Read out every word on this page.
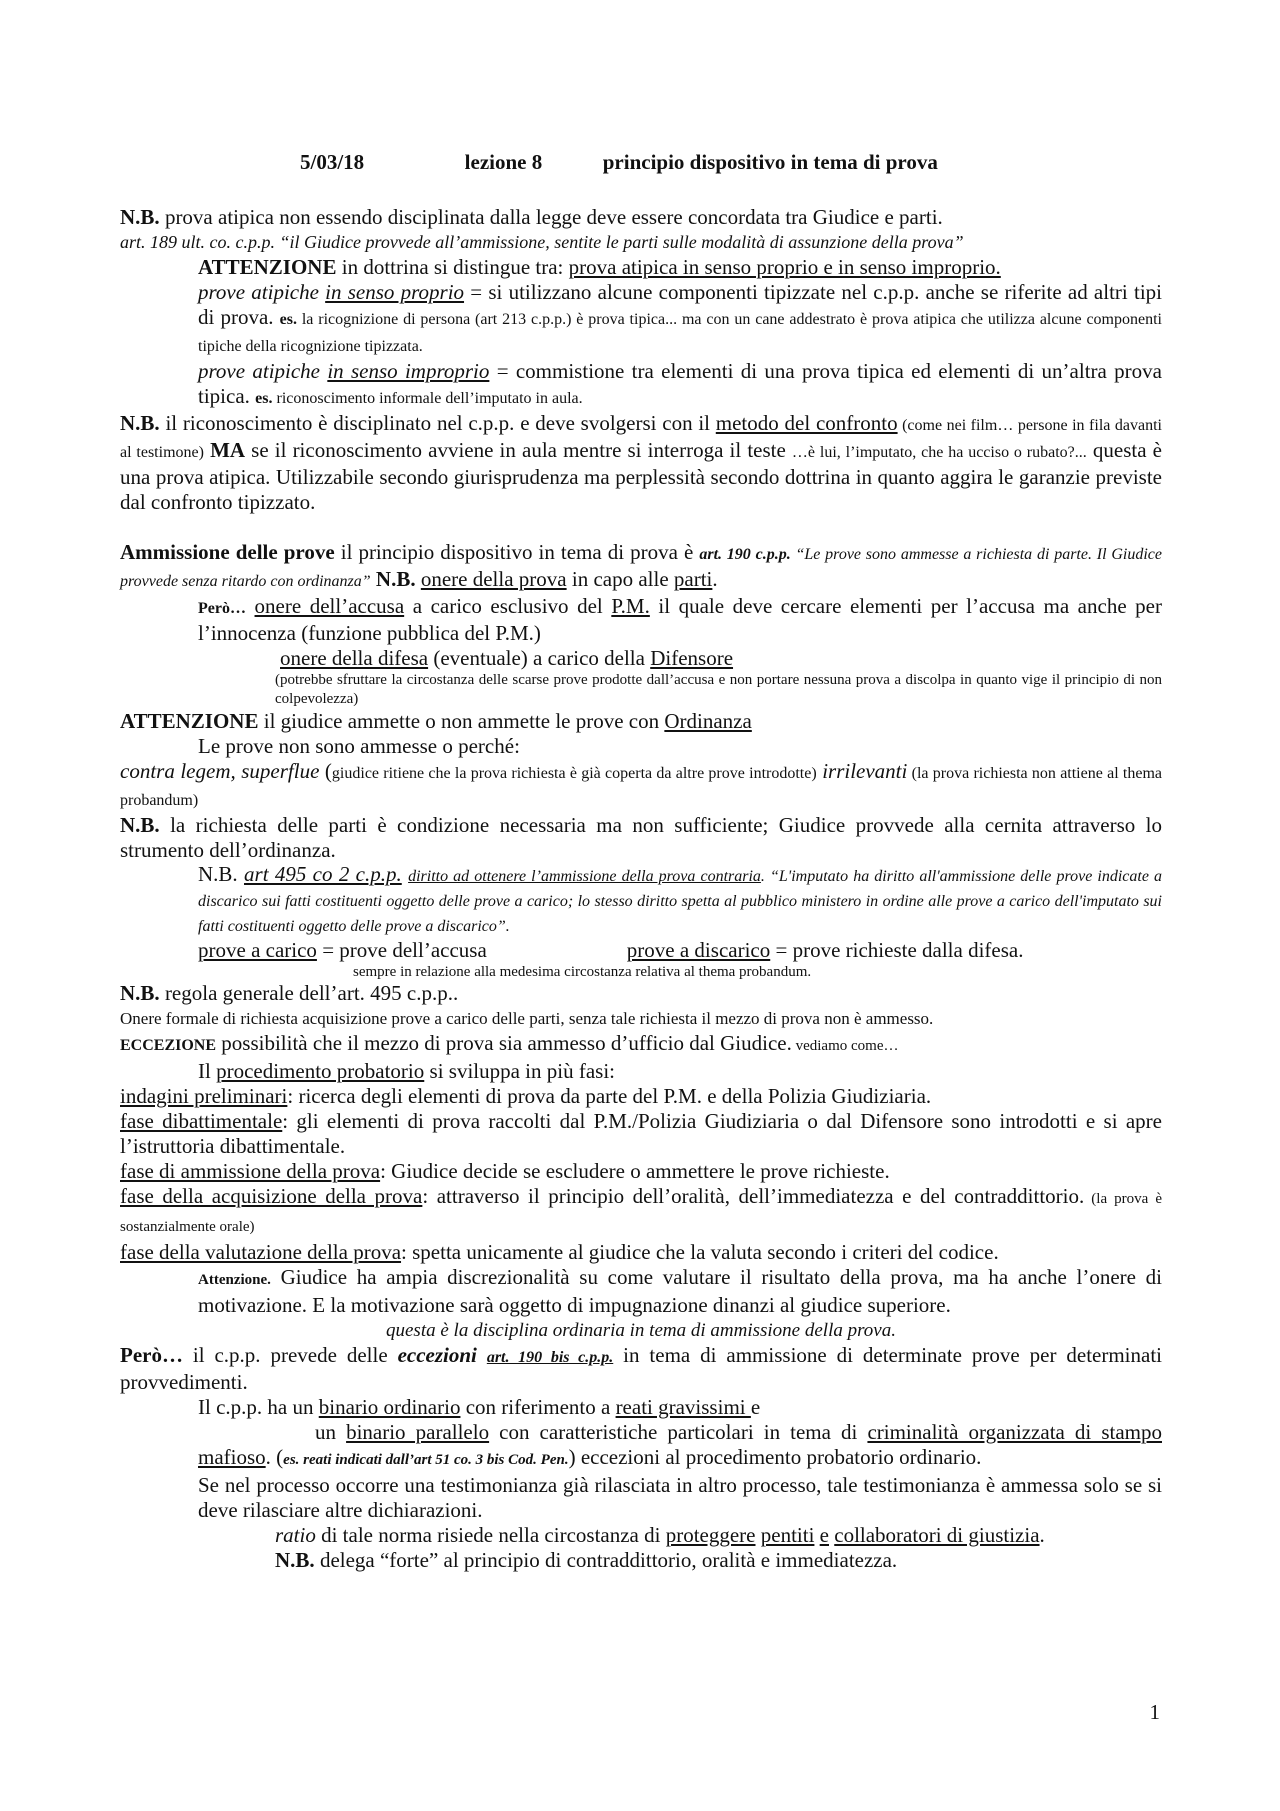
5/03/18	lezione 8	principio dispositivo in tema di prova

N.B. prova atipica non essendo disciplinata dalla legge deve essere concordata tra Giudice e parti.

art. 189 ult. co. c.p.p. “il Giudice provvede all’ammissione, sentite le parti sulle modalità di assunzione della prova”

ATTENZIONE in dottrina si distingue tra: prova atipica in senso proprio e in senso improprio.

prove atipiche in senso proprio = si utilizzano alcune componenti tipizzate nel c.p.p. anche se riferite ad altri tipi di prova. es. la ricognizione di persona (art 213 c.p.p.) è prova tipica... ma con un cane addestrato è prova atipica che utilizza alcune componenti tipiche della ricognizione tipizzata.

prove atipiche in senso improprio = commistione tra elementi di una prova tipica ed elementi di un’altra prova tipica. es. riconoscimento informale dell’imputato in aula.

N.B. il riconoscimento è disciplinato nel c.p.p. e deve svolgersi con il metodo del confronto (come nei film… persone in fila davanti al testimone) MA se il riconoscimento avviene in aula mentre si interroga il teste …è lui, l’imputato, che ha ucciso o rubato?... questa è una prova atipica. Utilizzabile secondo giurisprudenza ma perplessità secondo dottrina in quanto aggira le garanzie previste dal confronto tipizzato.

Ammissione delle prove il principio dispositivo in tema di prova è art. 190 c.p.p. “Le prove sono ammesse a richiesta di parte. Il Giudice provvede senza ritardo con ordinanza” N.B. onere della prova in capo alle parti.

Però… onere dell’accusa a carico esclusivo del P.M. il quale deve cercare elementi per l’accusa ma anche per l’innocenza (funzione pubblica del P.M.)

onere della difesa (eventuale) a carico della Difensore

(potrebbe sfruttare la circostanza delle scarse prove prodotte dall’accusa e non portare nessuna prova a discolpa in quanto vige il principio di non colpevolezza)

ATTENZIONE il giudice ammette o non ammette le prove con Ordinanza

Le prove non sono ammesse o perché:

contra legem, superflue (giudice ritiene che la prova richiesta è già coperta da altre prove introdotte) irrilevanti (la prova richiesta non attiene al thema probandum)

N.B. la richiesta delle parti è condizione necessaria ma non sufficiente; Giudice provvede alla cernita attraverso lo strumento dell’ordinanza.

N.B. art 495 co 2 c.p.p. diritto ad ottenere l’ammissione della prova contraria. “L'imputato ha diritto all'ammissione delle prove indicate a discarico sui fatti costituenti oggetto delle prove a carico; lo stesso diritto spetta al pubblico ministero in ordine alle prove a carico dell'imputato sui fatti costituenti oggetto delle prove a discarico”.

prove a carico = prove dell’accusa	prove a discarico = prove richieste dalla difesa.

sempre in relazione alla medesima circostanza relativa al thema probandum.

N.B. regola generale dell’art. 495 c.p.p..

Onere formale di richiesta acquisizione prove a carico delle parti, senza tale richiesta il mezzo di prova non è ammesso.

ECCEZIONE possibilità che il mezzo di prova sia ammesso d’ufficio dal Giudice. vediamo come…

Il procedimento probatorio si sviluppa in più fasi:

indagini preliminari: ricerca degli elementi di prova da parte del P.M. e della Polizia Giudiziaria.

fase dibattimentale: gli elementi di prova raccolti dal P.M./Polizia Giudiziaria o dal Difensore sono introdotti e si apre l’istruttoria dibattimentale.

fase di ammissione della prova: Giudice decide se escludere o ammettere le prove richieste.

fase della acquisizione della prova: attraverso il principio dell’oralità, dell’immediatezza e del contraddittorio. (la prova è sostanzialmente orale)

fase della valutazione della prova: spetta unicamente al giudice che la valuta secondo i criteri del codice.

Attenzione. Giudice ha ampia discrezionalità su come valutare il risultato della prova, ma ha anche l’onere di motivazione. E la motivazione sarà oggetto di impugnazione dinanzi al giudice superiore.

questa è la disciplina ordinaria in tema di ammissione della prova.

Però… il c.p.p. prevede delle eccezioni art. 190 bis c.p.p. in tema di ammissione di determinate prove per determinati provvedimenti.

Il c.p.p. ha un binario ordinario con riferimento a reati gravissimi e

un binario parallelo con caratteristiche particolari in tema di criminalità organizzata di stampo mafioso. (es. reati indicati dall’art 51 co. 3 bis Cod. Pen.) eccezioni al procedimento probatorio ordinario.

Se nel processo occorre una testimonianza già rilasciata in altro processo, tale testimonianza è ammessa solo se si deve rilasciare altre dichiarazioni.

ratio di tale norma risiede nella circostanza di proteggere pentiti e collaboratori di giustizia.

N.B. delega “forte” al principio di contraddittorio, oralità e immediatezza.

1
